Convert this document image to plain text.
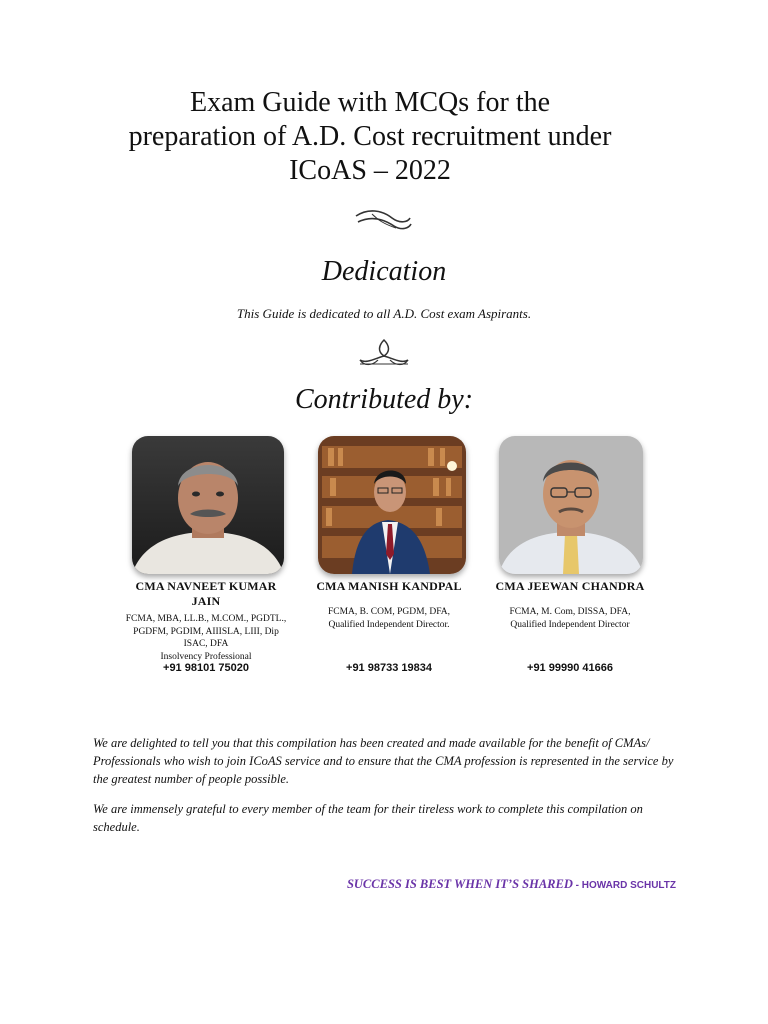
Exam Guide with MCQs for the
preparation of A.D. Cost recruitment under
ICoAS – 2022
Dedication
This Guide is dedicated to all A.D. Cost exam Aspirants.
Contributed by:
CMA NAVNEET KUMAR
JAIN
FCMA, MBA, LL.B., M.COM., PGDTL.,
PGDFM, PGDIM, AIIISLA, LIII, Dip
ISAC, DFA
Insolvency Professional
+91 98101 75020
CMA MANISH KANDPAL
FCMA, B. COM, PGDM, DFA,
Qualified Independent Director.
+91 98733 19834
CMA JEEWAN CHANDRA
FCMA, M. Com, DISSA, DFA,
Qualified Independent Director
+91 99990 41666

We are delighted to tell you that this compilation has been created and made available for the benefit of CMAs/ Professionals who wish to join ICoAS service and to ensure that the CMA profession is represented in the service by the greatest number of people possible.

We are immensely grateful to every member of the team for their tireless work to complete this compilation on schedule.

SUCCESS IS BEST WHEN IT’S SHARED - HOWARD SCHULTZ
